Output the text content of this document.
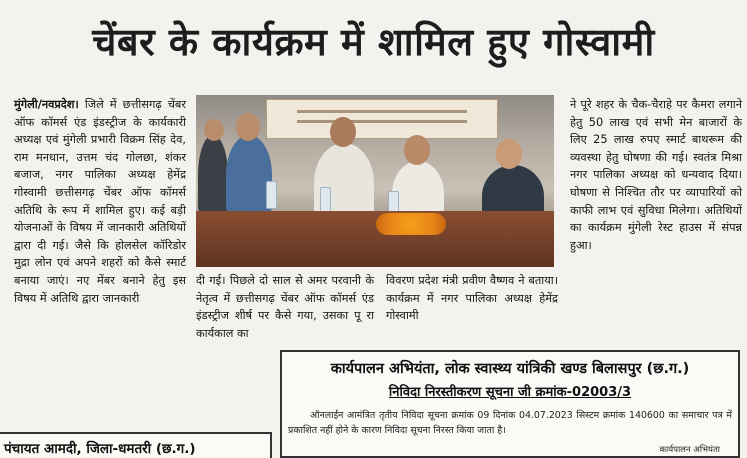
चेंबर के कार्यक्रम में शामिल हुए गोस्वामी
मुंगेली/नवप्रदेश। जिले में छत्तीसगढ़ चेंबर ऑफ कॉमर्स एंड इंडस्ट्रीज के कार्यकारी अध्यक्ष एवं मुंगेली प्रभारी विक्रम सिंह देव, राम मनधान, उत्तम चंद गोलछा, शंकर बजाज, नगर पालिका अध्यक्ष हेमेंद्र गोस्वामी छत्तीसगढ़ चेंबर ऑफ कॉमर्स अतिथि के रूप में शामिल हुए। कई बड़ी योजनाओं के विषय में जानकारी अतिथियों द्वारा दी गई। जैसे कि होलसेल कॉरिडोर मुद्रा लोन एवं अपने शहरों को कैसे स्मार्ट बनाया जाएं। नए मेंबर बनाने हेतु इस विषय में अतिथि द्वारा जानकारी
दी गई। पिछले दो साल से अमर परवानी के नेतृत्व में छत्तीसगढ़ चेंबर ऑफ कॉमर्स एंड इंडस्ट्रीज शीर्ष पर कैसे गया, उसका पू रा कार्यकाल का
विवरण प्रदेश मंत्री प्रवीण वैष्णव ने बताया। कार्यक्रम में नगर पालिका अध्यक्ष हेमेंद्र गोस्वामी
ने पूरे शहर के चैक-चैराहे पर कैमरा लगाने हेतु 50 लाख एवं सभी मेन बाजारों के लिए 25 लाख रुपए स्मार्ट बाथरूम की व्यवस्था हेतु घोषणा की गई। स्वतंत्र मिश्रा नगर पालिका अध्यक्ष को धन्यवाद दिया। घोषणा से निश्चित तौर पर व्यापारियों को काफी लाभ एवं सुविधा मिलेगा। अतिथियों का कार्यक्रम मुंगेली रेस्ट हाउस में संपन्न हुआ।
कार्यपालन अभियंता, लोक स्वास्थ्य यांत्रिकी खण्ड बिलासपुर (छ.ग.)
निविदा निरस्तीकरण सूचना जी क्रमांक-02003/3
ऑनलाईन आमंत्रित तृतीय निविदा सूचना क्रमांक 09 दिनांक 04.07.2023 सिस्टम क्रमांक 140600 का समाचार पत्र में प्रकाशित नहीं होने के कारण निविदा सूचना निरस्त किया जाता है।
कार्यपालन अभियंता
पंचायत आमदी, जिला-धमतरी (छ.ग.)
